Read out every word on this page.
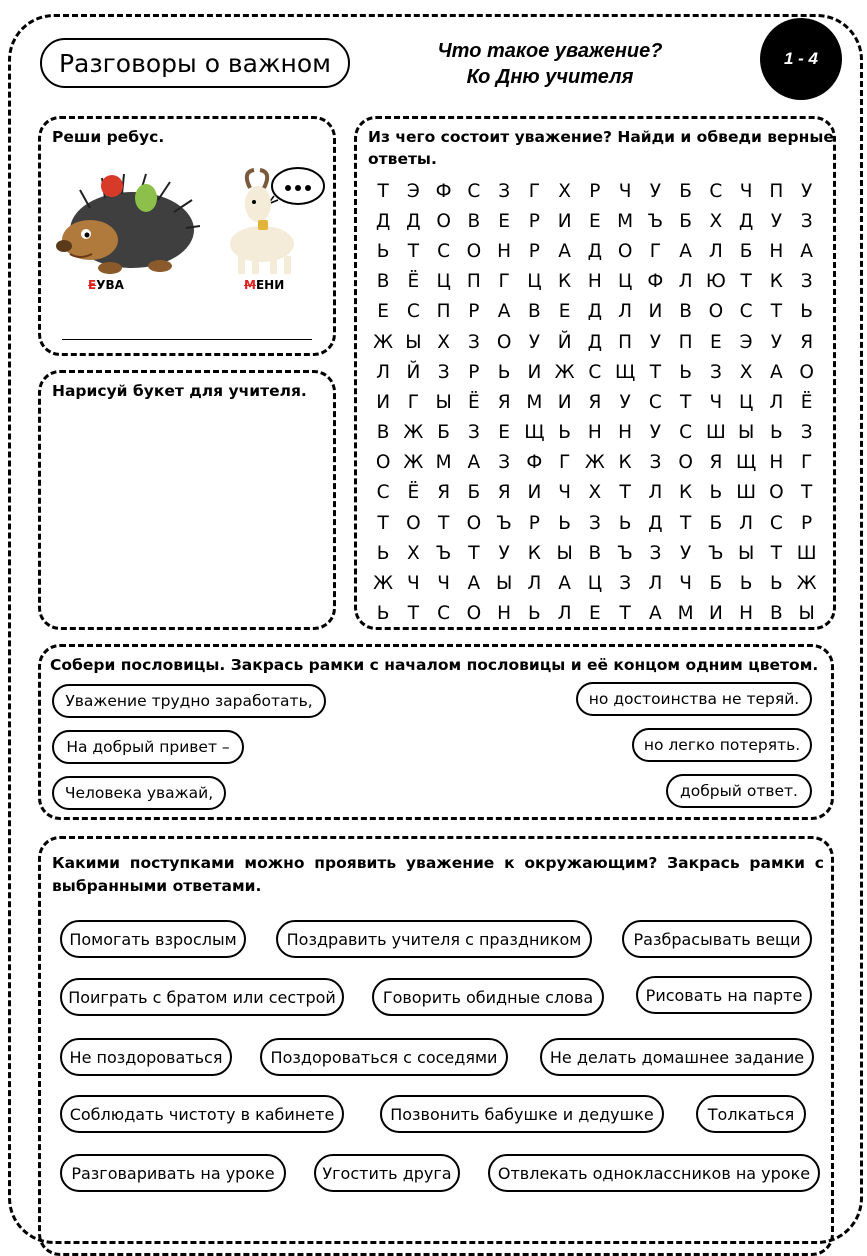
Разговоры о важном	Что такое уважение?
Ко Дню учителя
1 - 4
Реши ребус.
ЕУВА	МЕНИ
Нарисуй букет для учителя.
Из чего состоит уважение? Найди и обведи верные
ответы.
Т Э Ф С З	Г Х Р Ч У Б С Ч П У
Д Д О В Е	Р И Е М Ъ Б Х Д У	З
Ь Т С О Н Р А Д О Г А Л Б Н А
В Ё Ц П Г Ц К Н Ц Ф Л Ю Т К З
Е С П Р А В Е Д Л И В О С Т Ь
Ж Ы Х З О У Й Д П У П Е Э У Я
Л Й З	Р Ь И Ж С Щ Т Ь З Х А О
И Г Ы Ё Я М И Я У С Т Ч Ц Л Ё
В Ж Б З Е Щ Ь Н Н У С Ш Ы Ь З
О Ж М А З Ф Г Ж К З О Я Щ Н Г
С Ё Я Б Я И Ч Х Т Л К Ь Ш О Т
Т О Т О Ъ Р Ь З Ь Д Т Б Л С Р
Ь Х Ъ Т	У К Ы В Ъ З	У Ъ Ы Т Ш
Ж Ч Ч А Ы Л А Ц З Л Ч Б Ь Ь Ж
Ь Т С О Н Ь Л Е	Т А М И Н В Ы
Собери пословицы. Закрась рамки с началом пословицы и её концом одним цветом.
Уважение трудно заработать,
На добрый привет –
Человека уважай,
но достоинства не теряй.
но легко потерять.
добрый ответ.
Какими поступками можно проявить уважение к окружающим? Закрась рамки с
выбранными ответами.
Помогать взрослым	Поздравить учителя с праздником	Разбрасывать вещи
Поиграть с братом или сестрой	Говорить обидные слова	Рисовать на парте
Не поздороваться	Поздороваться с соседями	Не делать домашнее задание
Соблюдать чистоту в кабинете	Позвонить бабушке и дедушке	Толкаться
Разговаривать на уроке	Угостить друга	Отвлекать одноклассников на уроке
